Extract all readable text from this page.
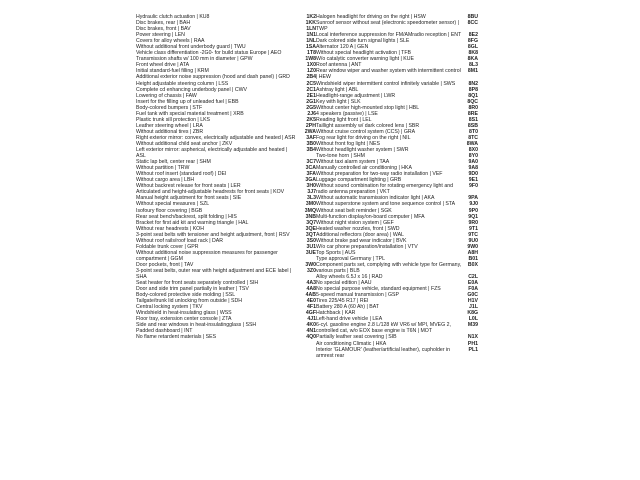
Hydraulic clutch actuation | KU8	1K2
Disc brakes, rear | BAH	1KK
Disc brakes, front | BAV	1LN
Power steering | LEN	1N1
Covers for alloy wheels | RAA	1NL
Without additional front underbody guard | TWU	1SA
Vehicle class differentiation -2G0- for build status Europe | AEO	1T8
Transmission shafts w/ 100 mm in diameter | GPW	1W8
Front wheel drive | ATA	1X0
Initial standard-fuel filling | KRM	1Z0
Additional exterior noise suppression (hood and dash panel) | GRD	2B4
Height adjustable steering column | LSS	2C5
Complete cd enhancing underbody panel | CWV	2C1
Lowering of chassis | FAW	2E1
Insert for the filling up of unleaded fuel | EBB	2G1
Body-colored bumpers | STF	2G5
Fuel tank with special material treatment | XRB	2J6
Plastic trunk sill protection | LKS	2K5
Leather steering wheel | LRA	2PH
Without additional tires | ZBR	2WA
Right exterior mirror: convex, electrically adjustable and heated | ASR	3AF
Without additional child seat anchor | ZKV	3B0
Left exterior mirror: aspherical, electrically adjustable and heated | ASL
3B4
Static lap belt, center rear | SHM	3C7
Without partition | TRW	3CA
Without roof insert (standard roof) | DEI	3FA
Without cargo area | LBH	3GA
Without backrest release for front seats | LER	3H0
Articulated and height-adjustable headrests for front seats | KOV	3J7
Manual height adjustment for front seats | SIE	3L3
Without special measures | SZL	3M0
Isofoury floor covering | BGB	3MQ
Rear seat bench/backrest, split folding | HIS	3NB
Bracket for first aid kit and warning triangle | HAL	3Q7
Without rear headrests | KOH	3QE
3-point seat belts with tensioner and height adjustment, front | RSV	3QT
Without roof rails/roof load rack | DAR	3S0
Foldable trunk cover | GPR	3U1
Without additional noise suppression measures for passenger compartment | GGM
3UE
Door pockets, front | TAV	3W0
3-point seat belts, outer rear with height adjustment and ECE label | SHA
3Z0
Seat heater for front seats separately controlled | SIH	4A3
Door and side trim panel partially in leather | TSV	4A8
Body-colored protective side molding | SSL	4AB
Tailgate/trunk lid unlocking from outside | SDH	4E0
Central locking system | TKV	4F1
Windshield in heat-insulating glass | WSS	4GF
Floor tray, extension center console | ZTA	4J1
Side and rear windows in heat-insulatingglass | SSH	4K0
Padded dashboard | INT	4N1
No flame retardent materials | SES	4Q0
Halogen headlight for driving on the right | HSW	8BU
Sunroof sensor without seat (electronic speedometer sensor) | TWP
8CC
Local interference suppression for FM/AMradio reception | ENT	8E2
Dark colored side turn signal lights | SLE	8FG
Alternator 120 A | GEN	8GL
Without special headlight activation | TFB	8K8
W/o catalytic converter warning light | KUE	8KA
Roof antenna | ANT	8L3
Rear window wiper and washer system with intermittent control | HEW
8M1
Windshield wiper intermittent control infinitely variable | SWS	8N2
Ashtray light | ABL	8P8
Headlight-range adjustment | LWR	8Q1
Key with light | SLK	8QC
Without center high-mounted stop light | HBL	8R0
4 speakers (passive) | LSE	8RE
Reading light front | LEL	8S1
Taillight assembly w/ dark colored lens | SBR	8SB
Without cruise control system (CCS) | GRA	8T0
Fog rear light for driving on the right | NIL	8TC
Without front fog light | NES	8WA
Without headlight washer system | SWR	8X0
Two-tone horn | SHM	8Y0
Without taxi alarm system | TAA	9A0
Manually controlled air conditioning | HKA	9A8
Without preparation for two-way radio installation | VEF	9D0
Luggage compartment lighting | GRB	9E1
Without sound combination for rotating emergency light and radio antenna preparation | VKT
9F0
Without automatic transmission indicator light | AKA	9PA
Without superstone system and tone sequence control | STA	9J0
Without seat belt reminder | SGK	9P0
Multi-function display/on-board computer | MFA	9Q1
Without night vision system | GEF	9R0
Heated washer nozzles, front | SWD	9T1
Additional reflectors (door area) | WAL	9TC
Without brake pad wear indicator | BVK	9U0
W/o car phone preparation/installation | VTV	9W0
Top Sports | AUS	A8H
Type approval Germany | TPL	B01
Component parts set, complying with vehicle type for Germany, various parts | BLB
B0X
Alloy wheels 6.5J x 16 | RAD	C2L
No special edition | AAU	E0A
No special purpose vehicle, standard equipment | FZS	F0A
5-speed manual transmission | GSP	G0C
Tires 225/45 R17 | REI	H1V
Battery 280 A (60 Ah) | BAT	J1L
Hatchback | KAR	K8G
Left-hand drive vehicle | LEA	L0L
6-cyl. gasoline engine 2.8 L/128 kW VR6 w/ MPI, MVEG 2, controlled cat, w/o EOX base engine is T6N | MOT
M39
Partially leather seat covering | SIB	N1X
Air conditioning Climatic | HKA	PH1
Interior 'GLAMOUR' (leather/artificial leather), cupholder in armrest rear
PL1
